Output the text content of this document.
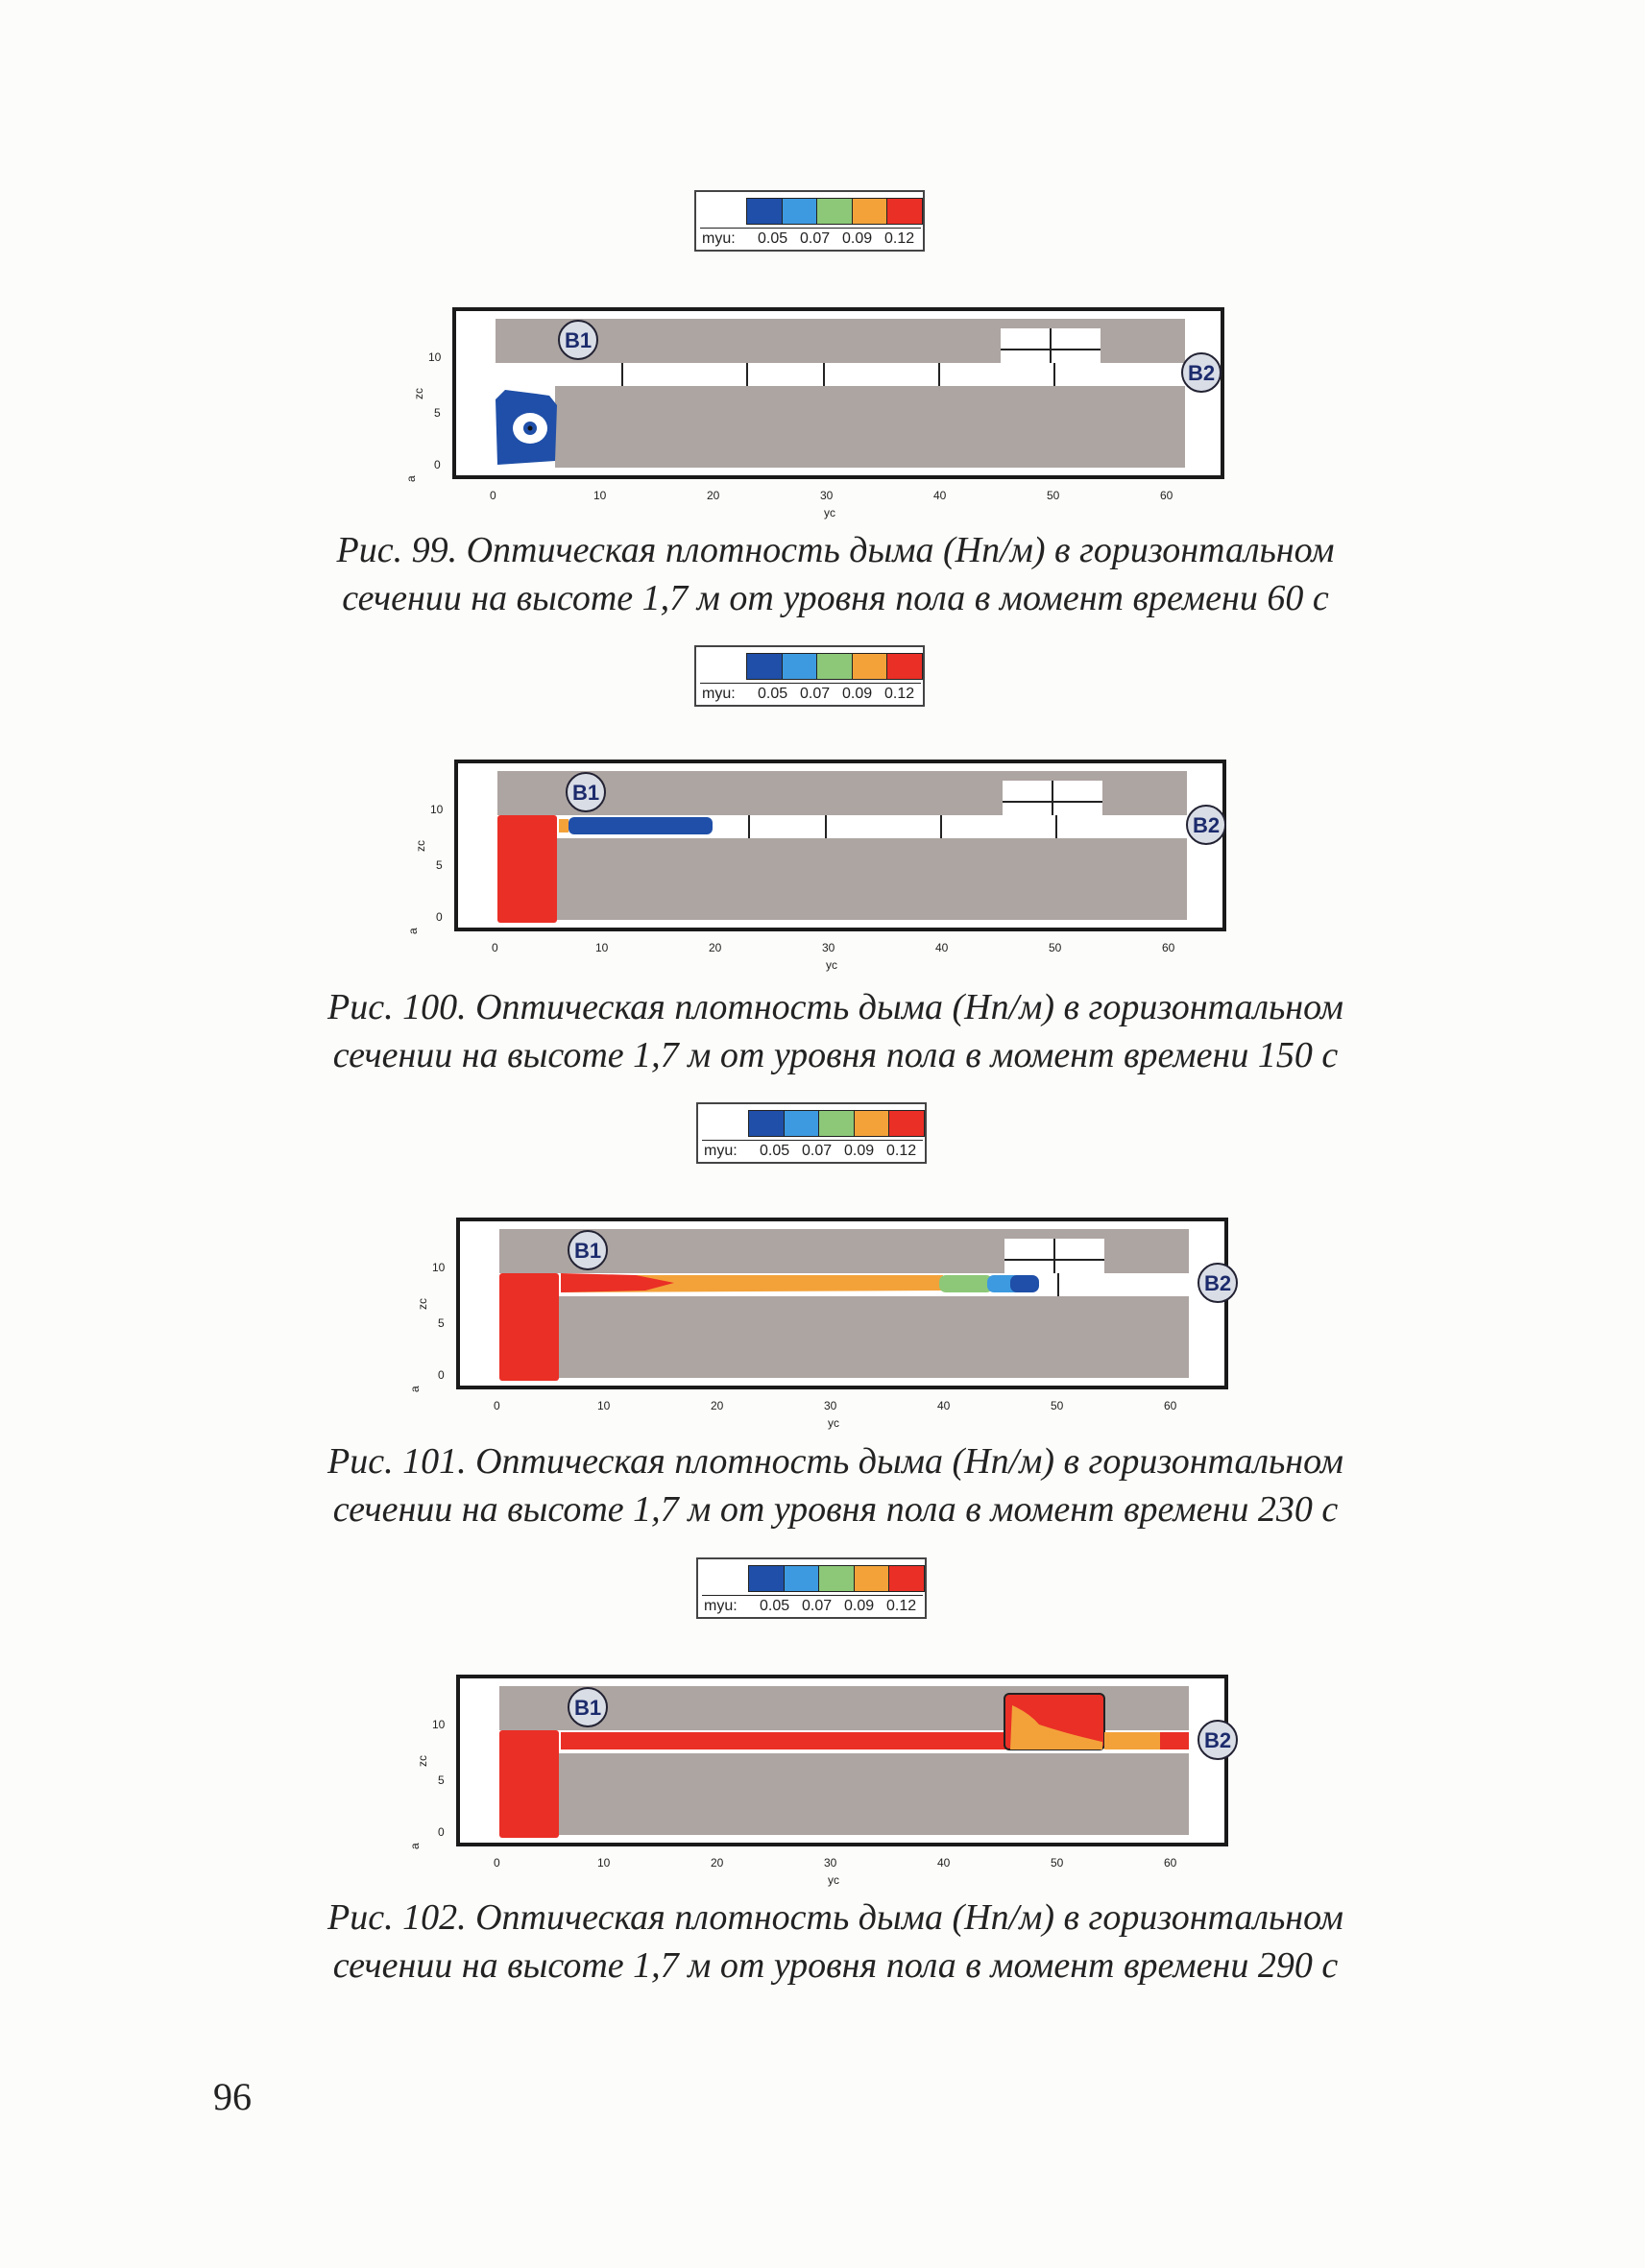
myu: 0.05 0.07 0.09 0.12
0
5
10
zc
a
0	10	20	30	40	50	60
yc
B1
B2
Рис. 99. Оптическая плотность дыма (Нп/м) в горизонтальном
сечении на высоте 1,7 м от уровня пола в момент времени 60 с
myu: 0.05 0.07 0.09 0.12
0
5
10
zc
a
0	10	20	30	40	50	60
yc
B1
B2
Рис. 100. Оптическая плотность дыма (Нп/м) в горизонтальном
сечении на высоте 1,7 м от уровня пола в момент времени 150 с
myu: 0.05 0.07 0.09 0.12
0
5
10
zc
a
0	10	20	30	40	50	60
yc
B1
B2
Рис. 101. Оптическая плотность дыма (Нп/м) в горизонтальном
сечении на высоте 1,7 м от уровня пола в момент времени 230 с
myu: 0.05 0.07 0.09 0.12
0
5
10
zc
a
0	10	20	30	40	50	60
yc
B1
B2
Рис. 102. Оптическая плотность дыма (Нп/м) в горизонтальном
сечении на высоте 1,7 м от уровня пола в момент времени 290 с
96
